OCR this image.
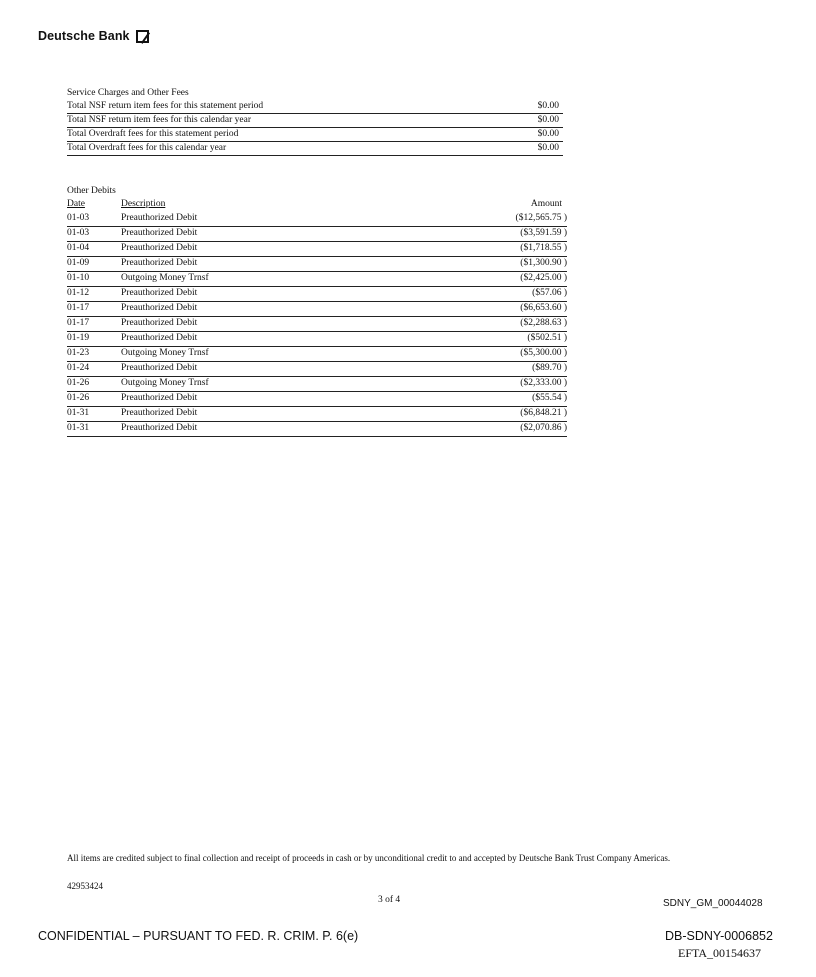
Deutsche Bank
Service Charges and Other Fees
Total NSF return item fees for this statement period	$0.00
Total NSF return item fees for this calendar year	$0.00
Total Overdraft fees for this statement period	$0.00
Total Overdraft fees for this calendar year	$0.00
Other Debits
Date	Description	Amount
01-03	Preauthorized Debit	($12,565.75 )
01-03	Preauthorized Debit	($3,591.59 )
01-04	Preauthorized Debit	($1,718.55 )
01-09	Preauthorized Debit	($1,300.90 )
01-10	Outgoing Money Trnsf	($2,425.00 )
01-12	Preauthorized Debit	($57.06 )
01-17	Preauthorized Debit	($6,653.60 )
01-17	Preauthorized Debit	($2,288.63 )
01-19	Preauthorized Debit	($502.51 )
01-23	Outgoing Money Trnsf	($5,300.00 )
01-24	Preauthorized Debit	($89.70 )
01-26	Outgoing Money Trnsf	($2,333.00 )
01-26	Preauthorized Debit	($55.54 )
01-31	Preauthorized Debit	($6,848.21 )
01-31	Preauthorized Debit	($2,070.86 )
All items are credited subject to final collection and receipt of proceeds in cash or by unconditional credit to and accepted by Deutsche Bank Trust Company Americas.
42953424
3 of 4	SDNY_GM_00044028
CONFIDENTIAL – PURSUANT TO FED. R. CRIM. P. 6(e)	DB-SDNY-0006852
EFTA_00154637
